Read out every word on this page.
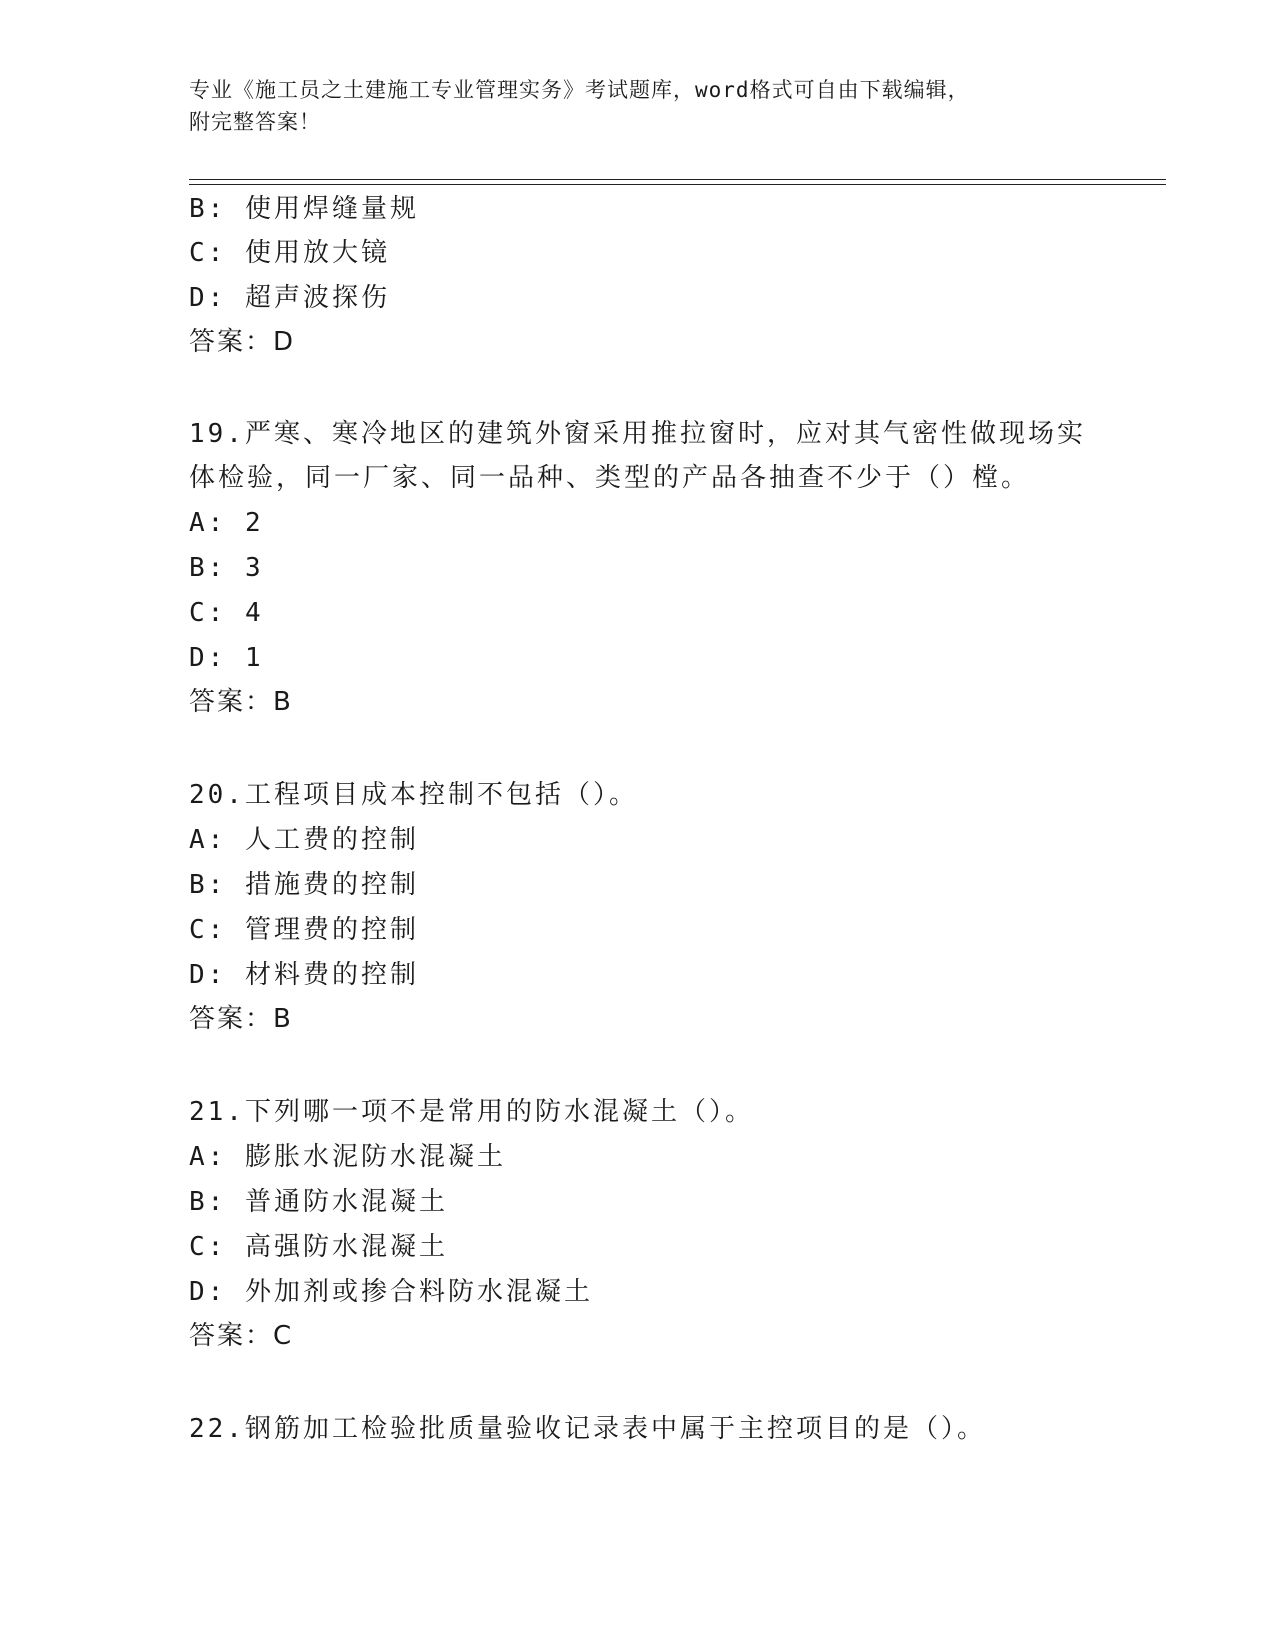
专业《施工员之土建施工专业管理实务》考试题库，word格式可自由下载编辑，
附完整答案！
B: 使用焊缝量规
C: 使用放大镜
D: 超声波探伤
答案：D
19.严寒、寒冷地区的建筑外窗采用推拉窗时，应对其气密性做现场实
体检验，同一厂家、同一品种、类型的产品各抽查不少于（）樘。
A: 2
B: 3
C: 4
D: 1
答案：B
20.工程项目成本控制不包括（）。
A: 人工费的控制
B: 措施费的控制
C: 管理费的控制
D: 材料费的控制
答案：B
21.下列哪一项不是常用的防水混凝土（）。
A: 膨胀水泥防水混凝土
B: 普通防水混凝土
C: 高强防水混凝土
D: 外加剂或掺合料防水混凝土
答案：C
22.钢筋加工检验批质量验收记录表中属于主控项目的是（）。
